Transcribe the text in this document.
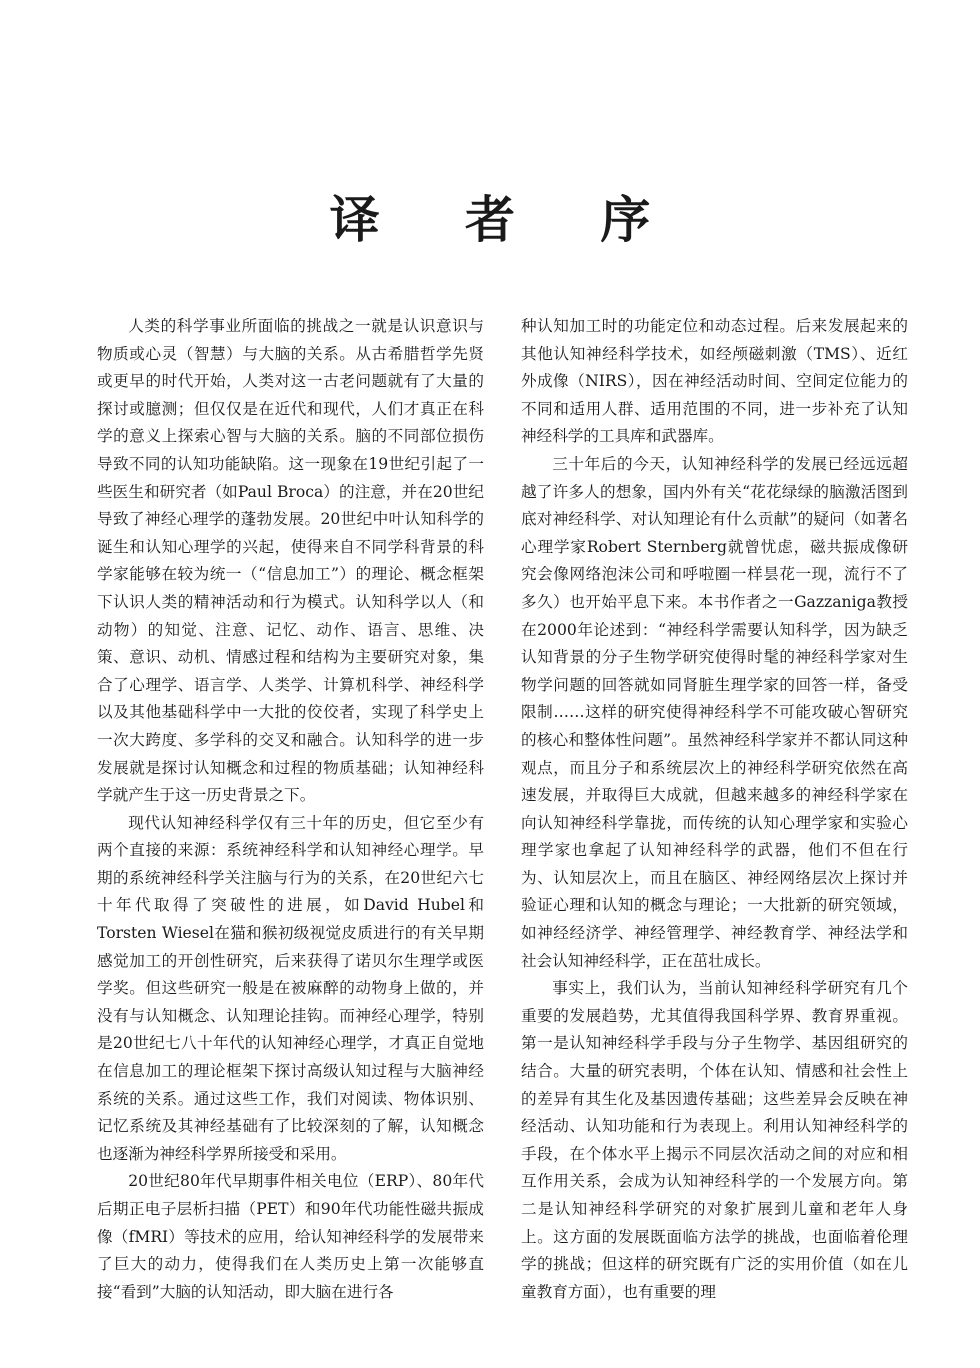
译 者 序

人类的科学事业所面临的挑战之一就是认识意识与物质或心灵（智慧）与大脑的关系。从古希腊哲学先贤或更早的时代开始，人类对这一古老问题就有了大量的探讨或臆测；但仅仅是在近代和现代，人们才真正在科学的意义上探索心智与大脑的关系。脑的不同部位损伤导致不同的认知功能缺陷。这一现象在19世纪引起了一些医生和研究者（如Paul Broca）的注意，并在20世纪导致了神经心理学的蓬勃发展。20世纪中叶认知科学的诞生和认知心理学的兴起，使得来自不同学科背景的科学家能够在较为统一（“信息加工”）的理论、概念框架下认识人类的精神活动和行为模式。认知科学以人（和动物）的知觉、注意、记忆、动作、语言、思维、决策、意识、动机、情感过程和结构为主要研究对象，集合了心理学、语言学、人类学、计算机科学、神经科学以及其他基础科学中一大批的佼佼者，实现了科学史上一次大跨度、多学科的交叉和融合。认知科学的进一步发展就是探讨认知概念和过程的物质基础；认知神经科学就产生于这一历史背景之下。

现代认知神经科学仅有三十年的历史，但它至少有两个直接的来源：系统神经科学和认知神经心理学。早期的系统神经科学关注脑与行为的关系，在20世纪六七十年代取得了突破性的进展，如David Hubel和Torsten Wiesel在猫和猴初级视觉皮质进行的有关早期感觉加工的开创性研究，后来获得了诺贝尔生理学或医学奖。但这些研究一般是在被麻醉的动物身上做的，并没有与认知概念、认知理论挂钩。而神经心理学，特别是20世纪七八十年代的认知神经心理学，才真正自觉地在信息加工的理论框架下探讨高级认知过程与大脑神经系统的关系。通过这些工作，我们对阅读、物体识别、记忆系统及其神经基础有了比较深刻的了解，认知概念也逐渐为神经科学界所接受和采用。

20世纪80年代早期事件相关电位（ERP）、80年代后期正电子层析扫描（PET）和90年代功能性磁共振成像（fMRI）等技术的应用，给认知神经科学的发展带来了巨大的动力，使得我们在人类历史上第一次能够直接“看到”大脑的认知活动，即大脑在进行各

种认知加工时的功能定位和动态过程。后来发展起来的其他认知神经科学技术，如经颅磁刺激（TMS）、近红外成像（NIRS），因在神经活动时间、空间定位能力的不同和适用人群、适用范围的不同，进一步补充了认知神经科学的工具库和武器库。

三十年后的今天，认知神经科学的发展已经远远超越了许多人的想象，国内外有关“花花绿绿的脑激活图到底对神经科学、对认知理论有什么贡献”的疑问（如著名心理学家Robert Sternberg就曾忧虑，磁共振成像研究会像网络泡沫公司和呼啦圈一样昙花一现，流行不了多久）也开始平息下来。本书作者之一Gazzaniga教授在2000年论述到：“神经科学需要认知科学，因为缺乏认知背景的分子生物学研究使得时髦的神经科学家对生物学问题的回答就如同肾脏生理学家的回答一样，备受限制……这样的研究使得神经科学不可能攻破心智研究的核心和整体性问题”。虽然神经科学家并不都认同这种观点，而且分子和系统层次上的神经科学研究依然在高速发展，并取得巨大成就，但越来越多的神经科学家在向认知神经科学靠拢，而传统的认知心理学家和实验心理学家也拿起了认知神经科学的武器，他们不但在行为、认知层次上，而且在脑区、神经网络层次上探讨并验证心理和认知的概念与理论；一大批新的研究领域，如神经经济学、神经管理学、神经教育学、神经法学和社会认知神经科学，正在茁壮成长。

事实上，我们认为，当前认知神经科学研究有几个重要的发展趋势，尤其值得我国科学界、教育界重视。第一是认知神经科学手段与分子生物学、基因组研究的结合。大量的研究表明，个体在认知、情感和社会性上的差异有其生化及基因遗传基础；这些差异会反映在神经活动、认知功能和行为表现上。利用认知神经科学的手段，在个体水平上揭示不同层次活动之间的对应和相互作用关系，会成为认知神经科学的一个发展方向。第二是认知神经科学研究的对象扩展到儿童和老年人身上。这方面的发展既面临方法学的挑战，也面临着伦理学的挑战；但这样的研究既有广泛的实用价值（如在儿童教育方面），也有重要的理
